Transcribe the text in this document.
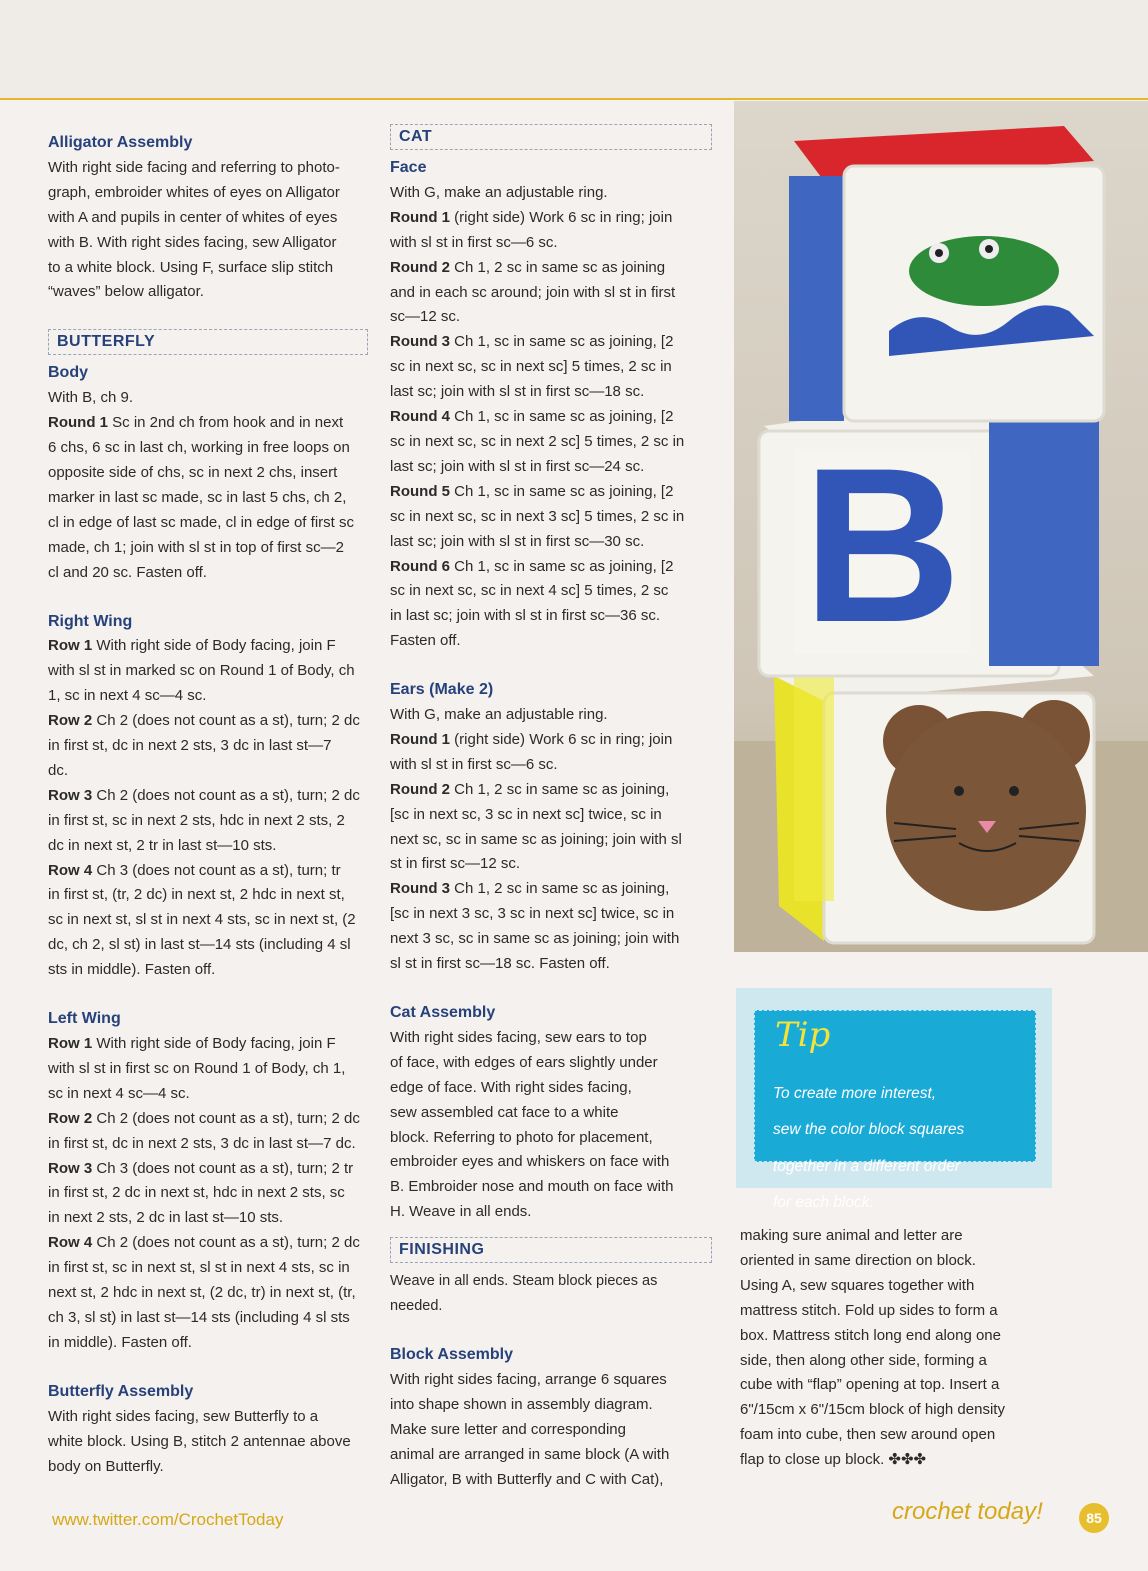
Alligator Assembly

With right side facing and referring to photo-

graph, embroider whites of eyes on Alligator

with A and pupils in center of whites of eyes

with B. With right sides facing, sew Alligator

to a white block. Using F, surface slip stitch

“waves” below alligator.

BUTTERFLY

Body

With B, ch 9.

Round 1 Sc in 2nd ch from hook and in next

6 chs, 6 sc in last ch, working in free loops on

opposite side of chs, sc in next 2 chs, insert

marker in last sc made, sc in last 5 chs, ch 2,

cl in edge of last sc made, cl in edge of first sc

made, ch 1; join with sl st in top of first sc—2

cl and 20 sc. Fasten off.

Right Wing

Row 1 With right side of Body facing, join F

with sl st in marked sc on Round 1 of Body, ch

1, sc in next 4 sc—4 sc.

Row 2 Ch 2 (does not count as a st), turn; 2 dc

in first st, dc in next 2 sts, 3 dc in last st—7

dc.

Row 3 Ch 2 (does not count as a st), turn; 2 dc

in first st, sc in next 2 sts, hdc in next 2 sts, 2

dc in next st, 2 tr in last st—10 sts.

Row 4 Ch 3 (does not count as a st), turn; tr

in first st, (tr, 2 dc) in next st, 2 hdc in next st,

sc in next st, sl st in next 4 sts, sc in next st, (2

dc, ch 2, sl st) in last st—14 sts (including 4 sl

sts in middle). Fasten off.

Left Wing

Row 1 With right side of Body facing, join F

with sl st in first sc on Round 1 of Body, ch 1,

sc in next 4 sc—4 sc.

Row 2 Ch 2 (does not count as a st), turn; 2 dc

in first st, dc in next 2 sts, 3 dc in last st—7 dc.

Row 3 Ch 3 (does not count as a st), turn; 2 tr

in first st, 2 dc in next st, hdc in next 2 sts, sc

in next 2 sts, 2 dc in last st—10 sts.

Row 4 Ch 2 (does not count as a st), turn; 2 dc

in first st, sc in next st, sl st in next 4 sts, sc in

next st, 2 hdc in next st, (2 dc, tr) in next st, (tr,

ch 3, sl st) in last st—14 sts (including 4 sl sts

in middle). Fasten off.

Butterfly Assembly

With right sides facing, sew Butterfly to a

white block. Using B, stitch 2 antennae above

body on Butterfly.

CAT

Face

With G, make an adjustable ring.

Round 1 (right side) Work 6 sc in ring; join

with sl st in first sc—6 sc.

Round 2 Ch 1, 2 sc in same sc as joining

and in each sc around; join with sl st in first

sc—12 sc.

Round 3 Ch 1, sc in same sc as joining, [2

sc in next sc, sc in next sc] 5 times, 2 sc in

last sc; join with sl st in first sc—18 sc.

Round 4 Ch 1, sc in same sc as joining, [2

sc in next sc, sc in next 2 sc] 5 times, 2 sc in

last sc; join with sl st in first sc—24 sc.

Round 5 Ch 1, sc in same sc as joining, [2

sc in next sc, sc in next 3 sc] 5 times, 2 sc in

last sc; join with sl st in first sc—30 sc.

Round 6 Ch 1, sc in same sc as joining, [2

sc in next sc, sc in next 4 sc] 5 times, 2 sc

in last sc; join with sl st in first sc—36 sc.

Fasten off.

Ears (Make 2)

With G, make an adjustable ring.

Round 1 (right side) Work 6 sc in ring; join

with sl st in first sc—6 sc.

Round 2 Ch 1, 2 sc in same sc as joining,

[sc in next sc, 3 sc in next sc] twice, sc in

next sc, sc in same sc as joining; join with sl

st in first sc—12 sc.

Round 3 Ch 1, 2 sc in same sc as joining,

[sc in next 3 sc, 3 sc in next sc] twice, sc in

next 3 sc, sc in same sc as joining; join with

sl st in first sc—18 sc. Fasten off.

Cat Assembly

With right sides facing, sew ears to top

of face, with edges of ears slightly under

edge of face. With right sides facing,

sew assembled cat face to a white

block. Referring to photo for placement,

embroider eyes and whiskers on face with

B. Embroider nose and mouth on face with

H. Weave in all ends.

FINISHING

Weave in all ends. Steam block pieces as needed.

Block Assembly

With right sides facing, arrange 6 squares

into shape shown in assembly diagram.

Make sure letter and corresponding

animal are arranged in same block (A with

Alligator, B with Butterfly and C with Cat),

B
Tip

To create more interest,

sew the color block squares

together in a different order

for each block.

making sure animal and letter are

oriented in same direction on block.

Using A, sew squares together with

mattress stitch. Fold up sides to form a

box. Mattress stitch long end along one

side, then along other side, forming a

cube with “flap” opening at top. Insert a

6"/15cm x 6"/15cm block of high density

foam into cube, then sew around open

flap to close up block. ✤✤✤

www.twitter.com/CrochetToday	crochet today!	85
